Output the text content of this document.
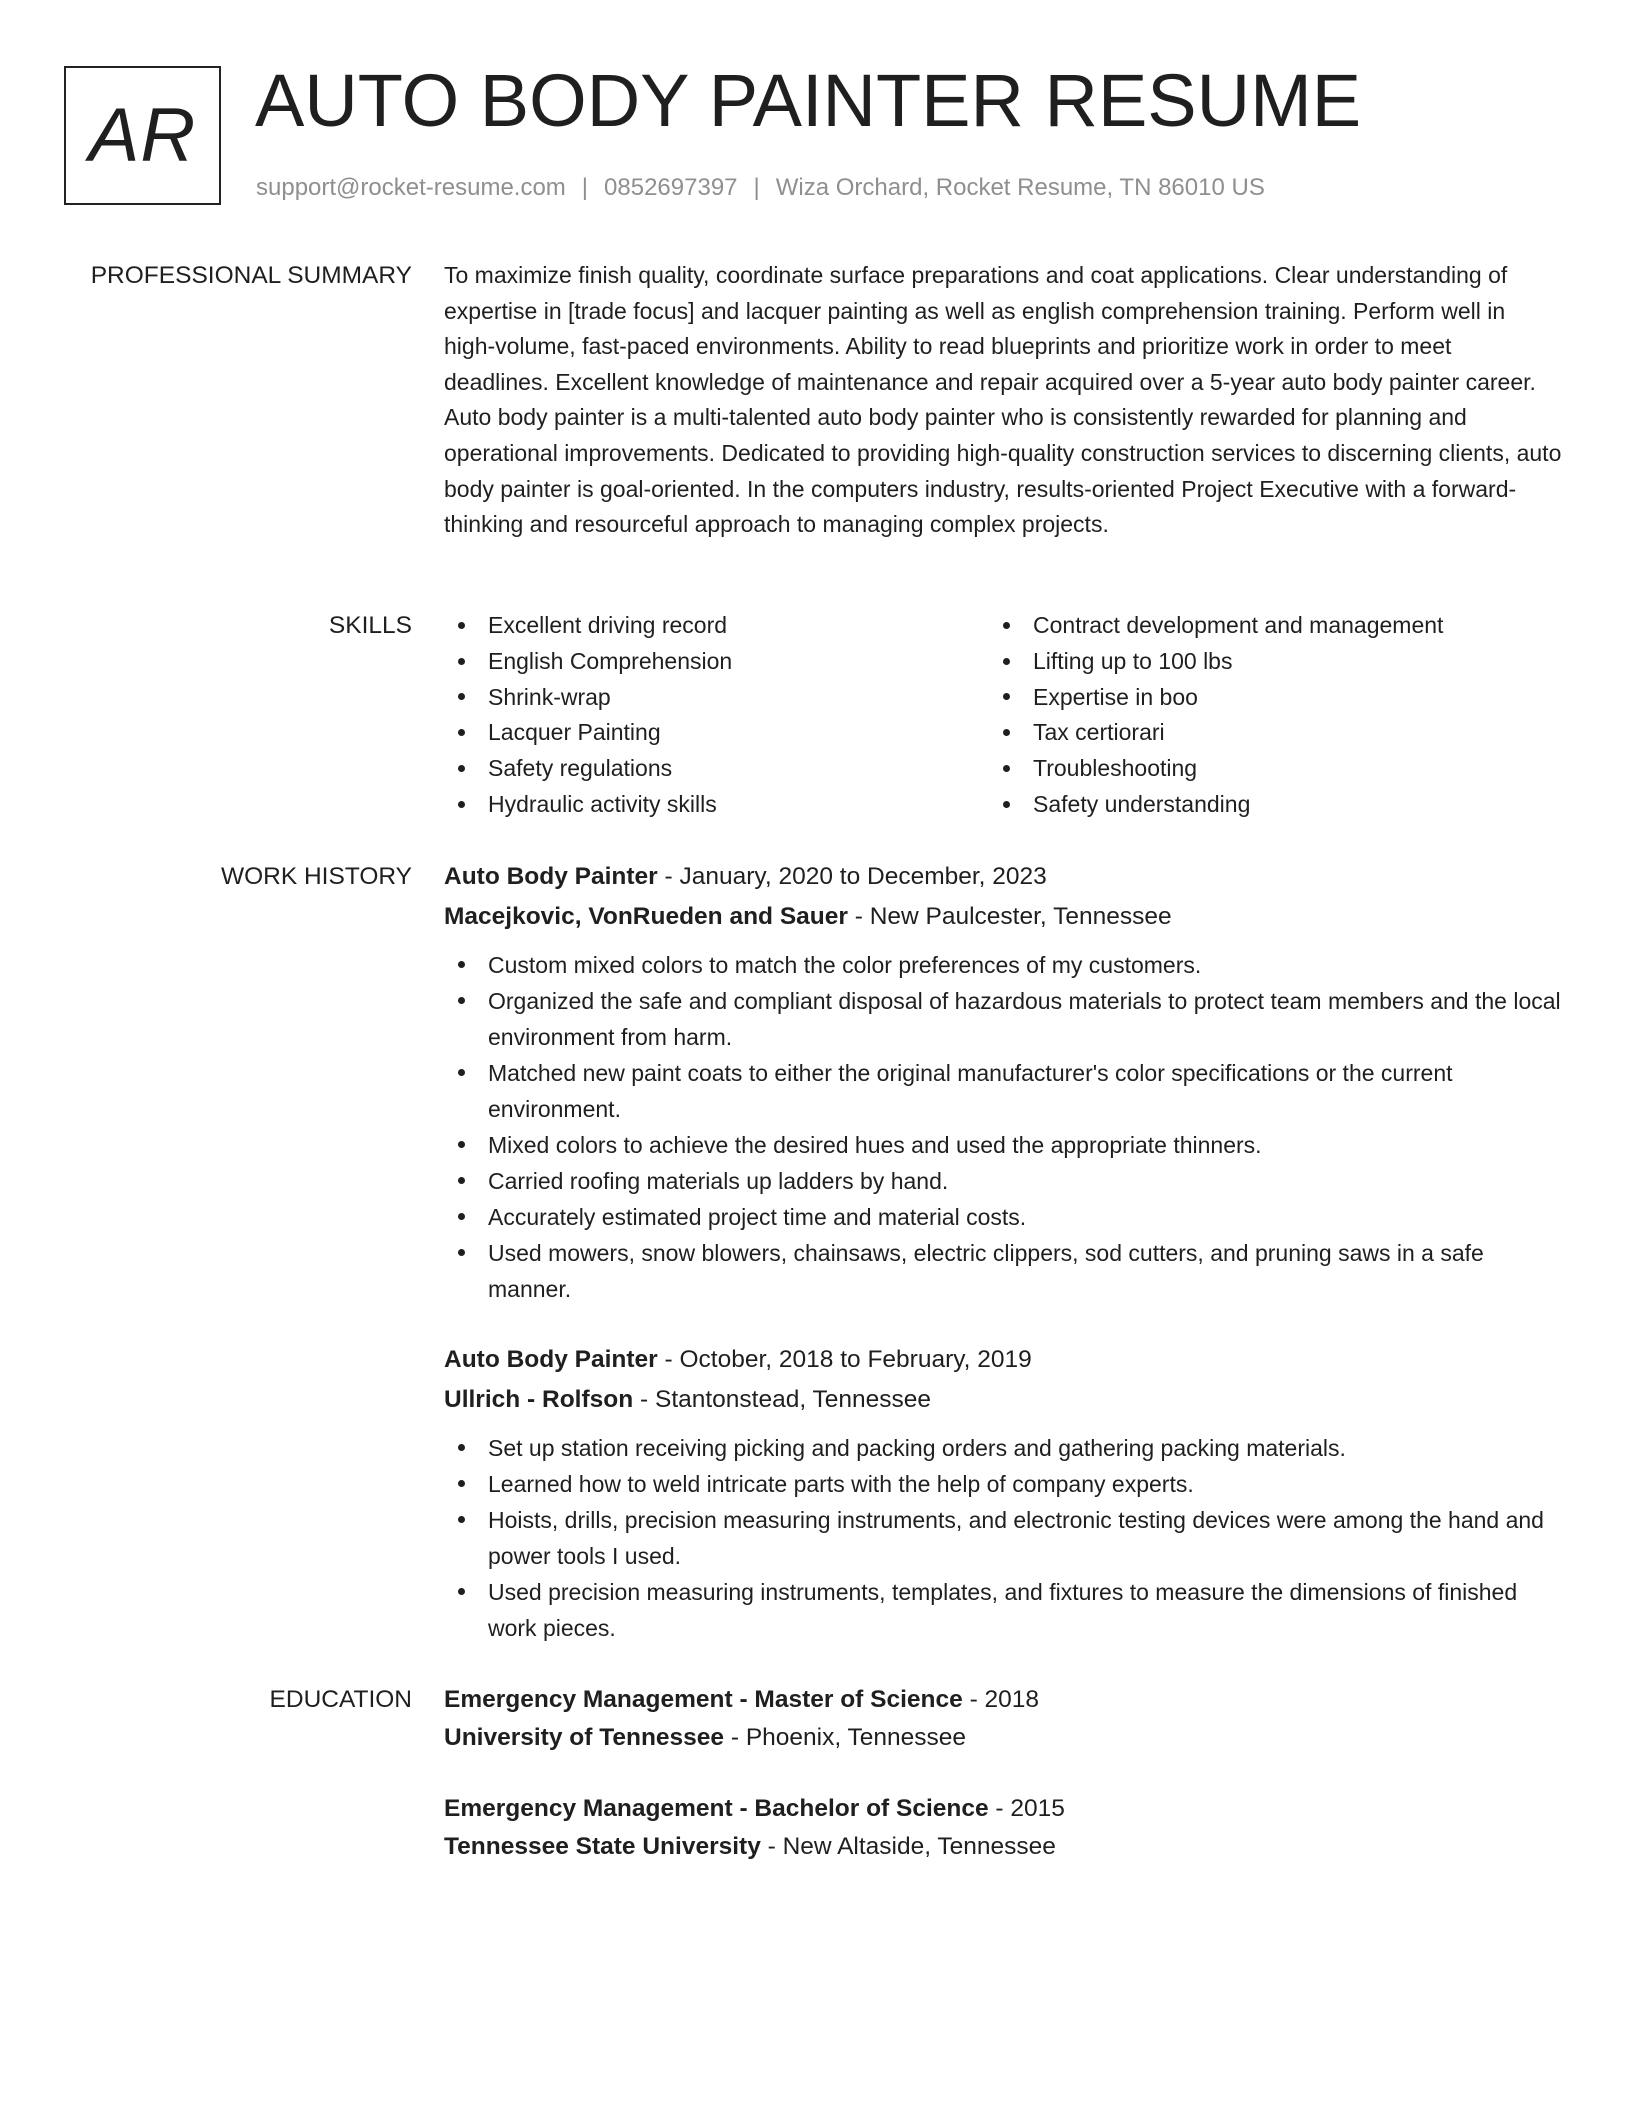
AR AUTO BODY PAINTER RESUME
support@rocket-resume.com | 0852697397 | Wiza Orchard, Rocket Resume, TN 86010 US
PROFESSIONAL SUMMARY To maximize finish quality, coordinate surface preparations and coat applications. Clear understanding of expertise in [trade focus] and lacquer painting as well as english comprehension training. Perform well in high-volume, fast-paced environments. Ability to read blueprints and prioritize work in order to meet deadlines. Excellent knowledge of maintenance and repair acquired over a 5-year auto body painter career. Auto body painter is a multi-talented auto body painter who is consistently rewarded for planning and operational improvements. Dedicated to providing high-quality construction services to discerning clients, auto body painter is goal-oriented. In the computers industry, results-oriented Project Executive with a forward-thinking and resourceful approach to managing complex projects.
SKILLS	Excellent driving record
English Comprehension
Shrink-wrap
Lacquer Painting
Safety regulations
Hydraulic activity skills
Contract development and management
Lifting up to 100 lbs
Expertise in boo
Tax certiorari
Troubleshooting
Safety understanding
WORK HISTORY Auto Body Painter - January, 2020 to December, 2023
Macejkovic, VonRueden and Sauer - New Paulcester, Tennessee
Custom mixed colors to match the color preferences of my customers.
Organized the safe and compliant disposal of hazardous materials to protect team members and the local environment from harm.
Matched new paint coats to either the original manufacturer's color specifications or the current environment.
Mixed colors to achieve the desired hues and used the appropriate thinners.
Carried roofing materials up ladders by hand.
Accurately estimated project time and material costs.
Used mowers, snow blowers, chainsaws, electric clippers, sod cutters, and pruning saws in a safe manner.
Auto Body Painter - October, 2018 to February, 2019
Ullrich - Rolfson - Stantonstead, Tennessee
Set up station receiving picking and packing orders and gathering packing materials.
Learned how to weld intricate parts with the help of company experts.
Hoists, drills, precision measuring instruments, and electronic testing devices were among the hand and power tools I used.
Used precision measuring instruments, templates, and fixtures to measure the dimensions of finished work pieces.
EDUCATION Emergency Management - Master of Science - 2018
University of Tennessee - Phoenix, Tennessee
Emergency Management - Bachelor of Science - 2015
Tennessee State University - New Altaside, Tennessee
